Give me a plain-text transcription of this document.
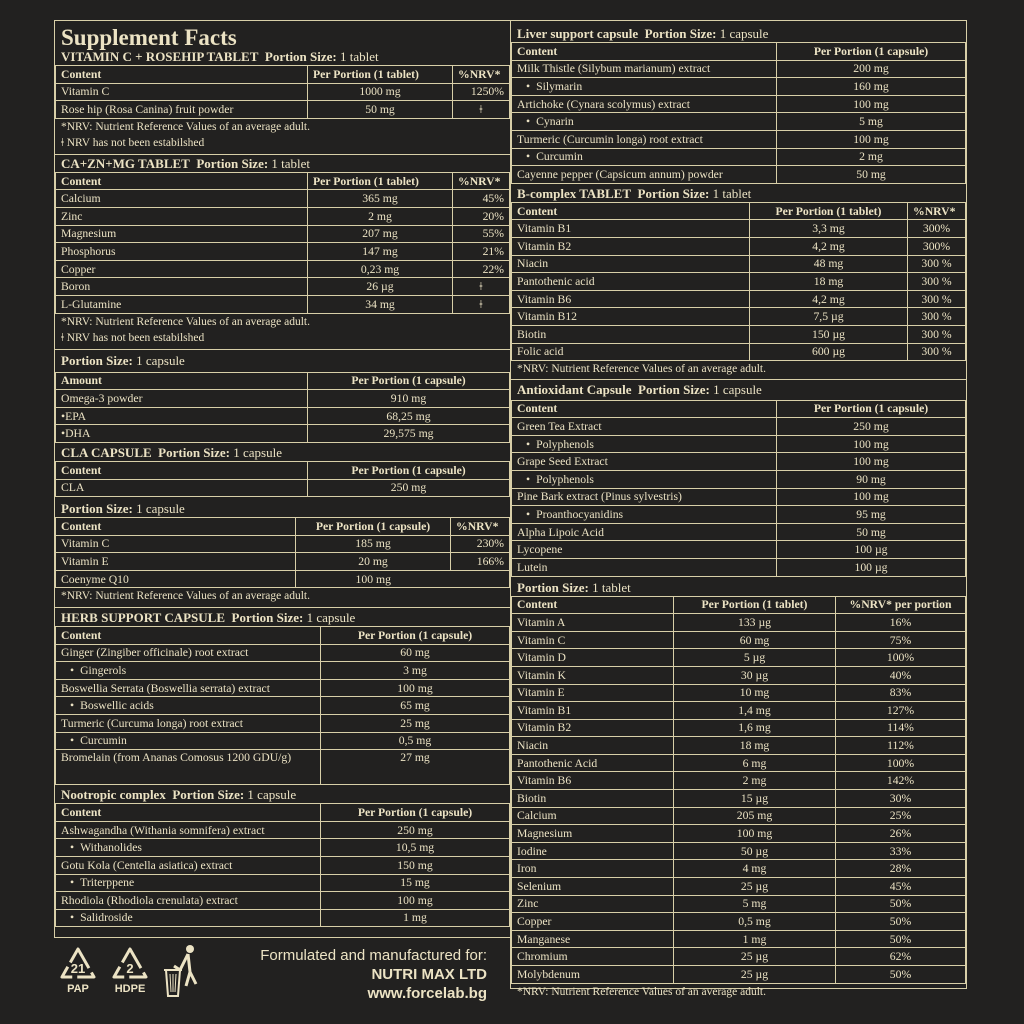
Supplement Facts
VITAMIN C + ROSEHIP TABLET Portion Size: 1 tablet
Content	Per Portion (1 tablet)	%NRV*
Vitamin C	1000 mg	1250%
Rose hip (Rosa Canina) fruit powder	50 mg	ǂ
*NRV: Nutrient Reference Values of an average adult.
ǂ NRV has not been estabilshed
CA+ZN+MG TABLET Portion Size: 1 tablet
Content	Per Portion (1 tablet)	%NRV*
Calcium	365 mg	45%
Zinc	2 mg	20%
Magnesium	207 mg	55%
Phosphorus	147 mg	21%
Copper	0,23 mg	22%
Boron	26 µg	ǂ
L-Glutamine	34 mg	ǂ
*NRV: Nutrient Reference Values of an average adult.
ǂ NRV has not been estabilshed
Portion Size: 1 capsule
Amount	Per Portion (1 capsule)
Omega-3 powder	910 mg
•EPA	68,25 mg
•DHA	29,575 mg
CLA CAPSULE Portion Size: 1 capsule
Content	Per Portion (1 capsule)
CLA	250 mg
Portion Size: 1 capsule
Content	Per Portion (1 capsule)	%NRV*
Vitamin C	185 mg	230%
Vitamin E	20 mg	166%
Coenyme Q10	100 mg	
*NRV: Nutrient Reference Values of an average adult.
HERB SUPPORT CAPSULE Portion Size: 1 capsule
Content	Per Portion (1 capsule)
Ginger (Zingiber officinale) root extract	60 mg
• Gingerols	3 mg
Boswellia Serrata (Boswellia serrata) extract	100 mg
• Boswellic acids	65 mg
Turmeric (Curcuma longa) root extract	25 mg
• Curcumin	0,5 mg
Bromelain (from Ananas Comosus 1200 GDU/g)	27 mg
Nootropic complex Portion Size: 1 capsule
Content	Per Portion (1 capsule)
Ashwagandha (Withania somnifera) extract	250 mg
• Withanolides	10,5 mg
Gotu Kola (Centella asiatica) extract	150 mg
• Triterppene	15 mg
Rhodiola (Rhodiola crenulata) extract	100 mg
• Salidroside	1 mg
Liver support capsule Portion Size: 1 capsule
Content	Per Portion (1 capsule)
Milk Thistle (Silybum marianum) extract	200 mg
• Silymarin	160 mg
Artichoke (Cynara scolymus) extract	100 mg
• Cynarin	5 mg
Turmeric (Curcumin longa) root extract	100 mg
• Curcumin	2 mg
Cayenne pepper (Capsicum annum) powder	50 mg
B-complex TABLET Portion Size: 1 tablet
Content	Per Portion (1 tablet)	%NRV*
Vitamin B1	3,3 mg	300%
Vitamin B2	4,2 mg	300%
Niacin	48 mg	300 %
Pantothenic acid	18 mg	300 %
Vitamin B6	4,2 mg	300 %
Vitamin B12	7,5 µg	300 %
Biotin	150 µg	300 %
Folic acid	600 µg	300 %
*NRV: Nutrient Reference Values of an average adult.
Antioxidant Capsule Portion Size: 1 capsule
Content	Per Portion (1 capsule)
Green Tea Extract	250 mg
• Polyphenols	100 mg
Grape Seed Extract	100 mg
• Polyphenols	90 mg
Pine Bark extract (Pinus sylvestris)	100 mg
• Proanthocyanidins	95 mg
Alpha Lipoic Acid	50 mg
Lycopene	100 µg
Lutein	100 µg
Portion Size: 1 tablet
Content	Per Portion (1 tablet)	%NRV* per portion
Vitamin A	133 µg	16%
Vitamin C	60 mg	75%
Vitamin D	5 µg	100%
Vitamin K	30 µg	40%
Vitamin E	10 mg	83%
Vitamin B1	1,4 mg	127%
Vitamin B2	1,6 mg	114%
Niacin	18 mg	112%
Pantothenic Acid	6 mg	100%
Vitamin B6	2 mg	142%
Biotin	15 µg	30%
Calcium	205 mg	25%
Magnesium	100 mg	26%
Iodine	50 µg	33%
Iron	4 mg	28%
Selenium	25 µg	45%
Zinc	5 mg	50%
Copper	0,5 mg	50%
Manganese	1 mg	50%
Chromium	25 µg	62%
Molybdenum	25 µg	50%
*NRV: Nutrient Reference Values of an average adult.
21
PAP
2
HDPE
Formulated and manufactured for:
NUTRI MAX LTD
www.forcelab.bg
